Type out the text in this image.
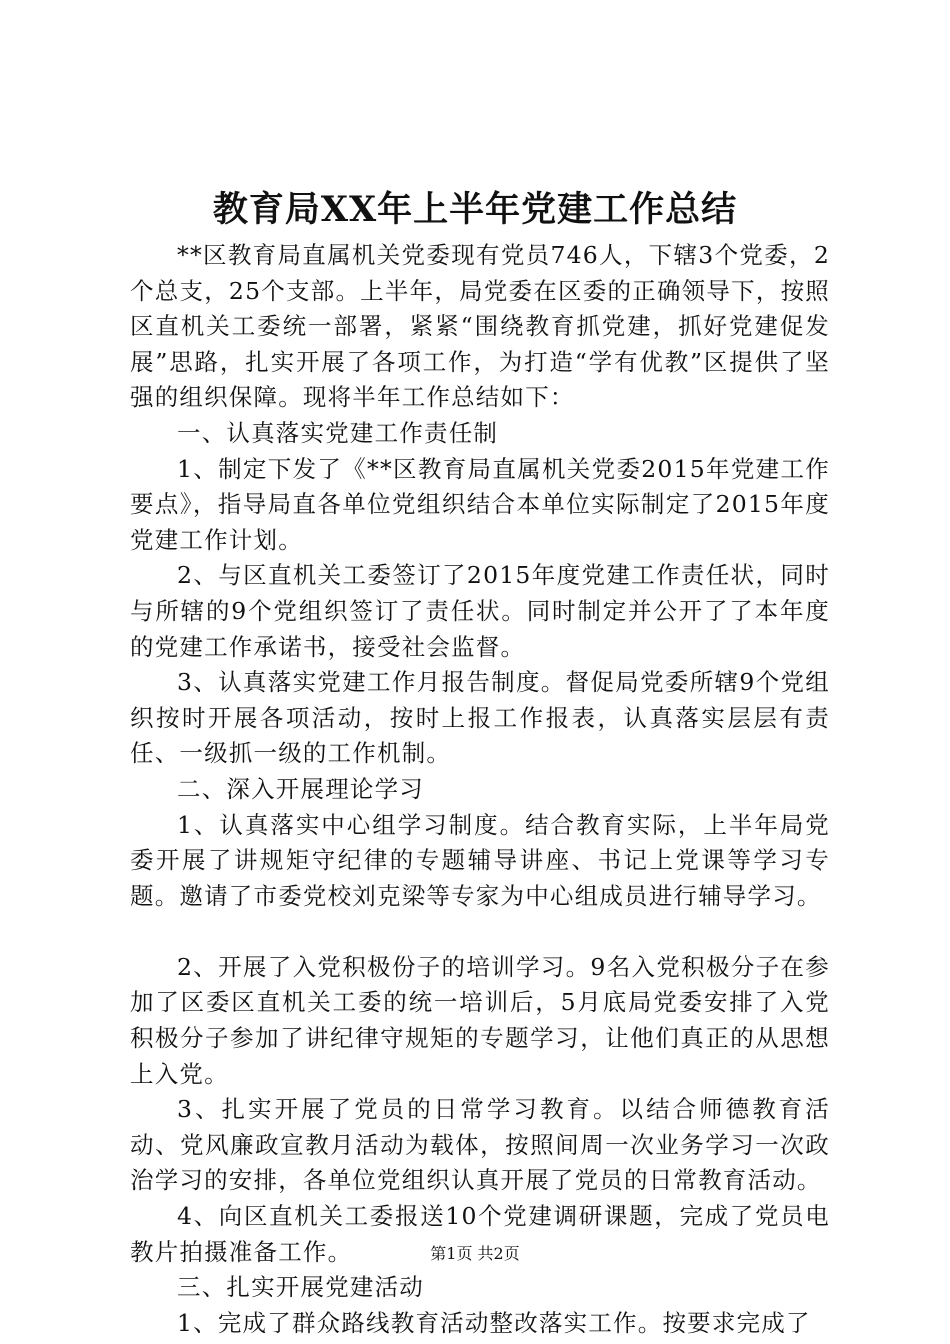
教育局XX年上半年党建工作总结

**区教育局直属机关党委现有党员746人，下辖3个党委，2个总支，25个支部。上半年，局党委在区委的正确领导下，按照区直机关工委统一部署，紧紧“围绕教育抓党建，抓好党建促发展”思路，扎实开展了各项工作，为打造“学有优教”区提供了坚强的组织保障。现将半年工作总结如下：

一、认真落实党建工作责任制

1、制定下发了《**区教育局直属机关党委2015年党建工作要点》，指导局直各单位党组织结合本单位实际制定了2015年度党建工作计划。

2、与区直机关工委签订了2015年度党建工作责任状，同时与所辖的9个党组织签订了责任状。同时制定并公开了了本年度的党建工作承诺书，接受社会监督。

3、认真落实党建工作月报告制度。督促局党委所辖9个党组织按时开展各项活动，按时上报工作报表，认真落实层层有责任、一级抓一级的工作机制。

二、深入开展理论学习

1、认真落实中心组学习制度。结合教育实际，上半年局党委开展了讲规矩守纪律的专题辅导讲座、书记上党课等学习专题。邀请了市委党校刘克梁等专家为中心组成员进行辅导学习。

2、开展了入党积极份子的培训学习。9名入党积极分子在参加了区委区直机关工委的统一培训后，5月底局党委安排了入党积极分子参加了讲纪律守规矩的专题学习，让他们真正的从思想上入党。

3、扎实开展了党员的日常学习教育。以结合师德教育活动、党风廉政宣教月活动为载体，按照间周一次业务学习一次政治学习的安排，各单位党组织认真开展了党员的日常教育活动。

4、向区直机关工委报送10个党建调研课题，完成了党员电教片拍摄准备工作。

三、扎实开展党建活动

1、完成了群众路线教育活动整改落实工作。按要求完成了

第1页 共2页
